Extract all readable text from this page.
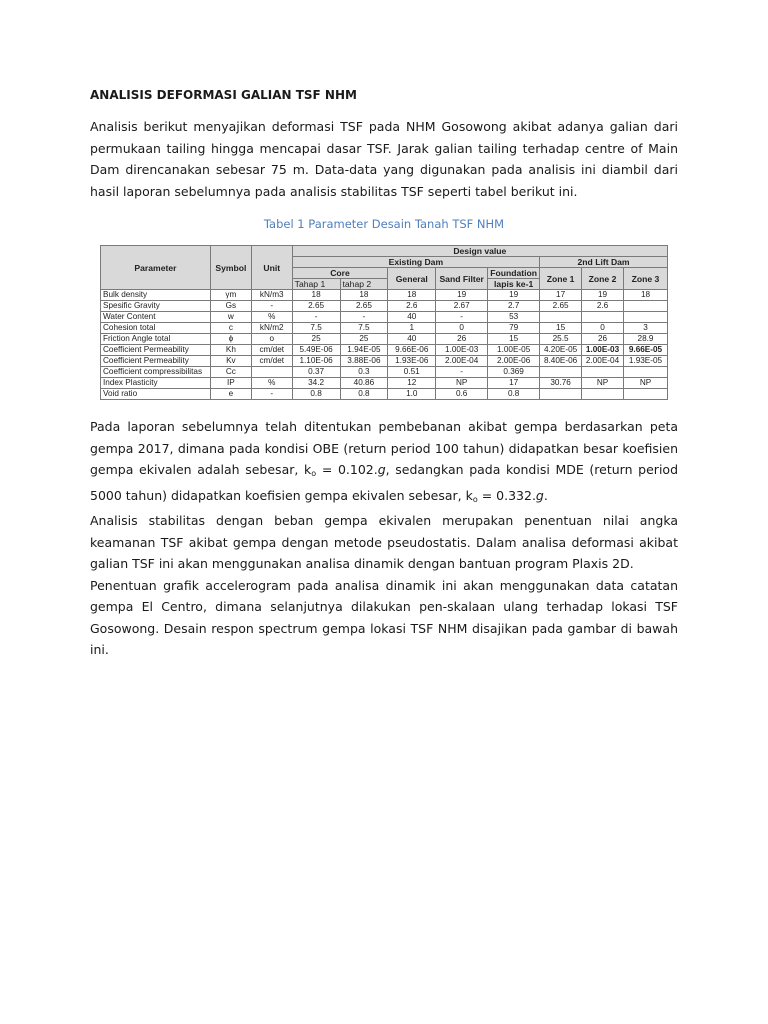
ANALISIS DEFORMASI GALIAN TSF NHM

Analisis berikut menyajikan deformasi TSF pada NHM Gosowong akibat adanya galian dari permukaan tailing hingga mencapai dasar TSF. Jarak galian tailing terhadap centre of Main Dam direncanakan sebesar 75 m. Data-data yang digunakan pada analisis ini diambil dari hasil laporan sebelumnya pada analisis stabilitas TSF seperti tabel berikut ini.

Tabel 1 Parameter Desain Tanah TSF NHM
Parameter	Symbol	Unit	Design value							
			Existing Dam					2nd Lift Dam		
			Core		General	Sand Filter	Foundation	Zone 1	Zone 2	Zone 3
			Tahap 1	tahap 2			lapis ke-1			
Bulk density	γm	kN/m3	18	18	18	19	19	17	19	18
Spesific Gravity	Gs	-	2.65	2.65	2.6	2.67	2.7	2.65	2.6	
Water Content	w	%	-	-	40	-	53			
Cohesion total	c	kN/m2	7.5	7.5	1	0	79	15	0	3
Friction Angle total	ϕ	o	25	25	40	26	15	25.5	26	28.9
Coefficient Permeability	Kh	cm/det	5.49E-06	1.94E-05	9.66E-06	1.00E-03	1.00E-05	4.20E-05	1.00E-03	9.66E-05
Coefficient Permeability	Kv	cm/det	1.10E-06	3.88E-06	1.93E-06	2.00E-04	2.00E-06	8.40E-06	2.00E-04	1.93E-05
Coefficient compressibilitas	Cc		0.37	0.3	0.51	-	0.369			
Index Plasticity	IP	%	34.2	40.86	12	NP	17	30.76	NP	NP
Void ratio	e	-	0.8	0.8	1.0	0.6	0.8			

Pada laporan sebelumnya telah ditentukan pembebanan akibat gempa berdasarkan peta gempa 2017, dimana pada kondisi OBE (return period 100 tahun) didapatkan besar koefisien gempa ekivalen adalah sebesar, $k_o = 0.102.g$, sedangkan pada kondisi MDE (return period 5000 tahun) didapatkan koefisien gempa ekivalen sebesar, $k_o = 0.332.g$.

Analisis stabilitas dengan beban gempa ekivalen merupakan penentuan nilai angka keamanan TSF akibat gempa dengan metode pseudostatis. Dalam analisa deformasi akibat galian TSF ini akan menggunakan analisa dinamik dengan bantuan program Plaxis 2D.

Penentuan grafik accelerogram pada analisa dinamik ini akan menggunakan data catatan gempa El Centro, dimana selanjutnya dilakukan pen-skalaan ulang terhadap lokasi TSF Gosowong. Desain respon spectrum gempa lokasi TSF NHM disajikan pada gambar di bawah ini.
